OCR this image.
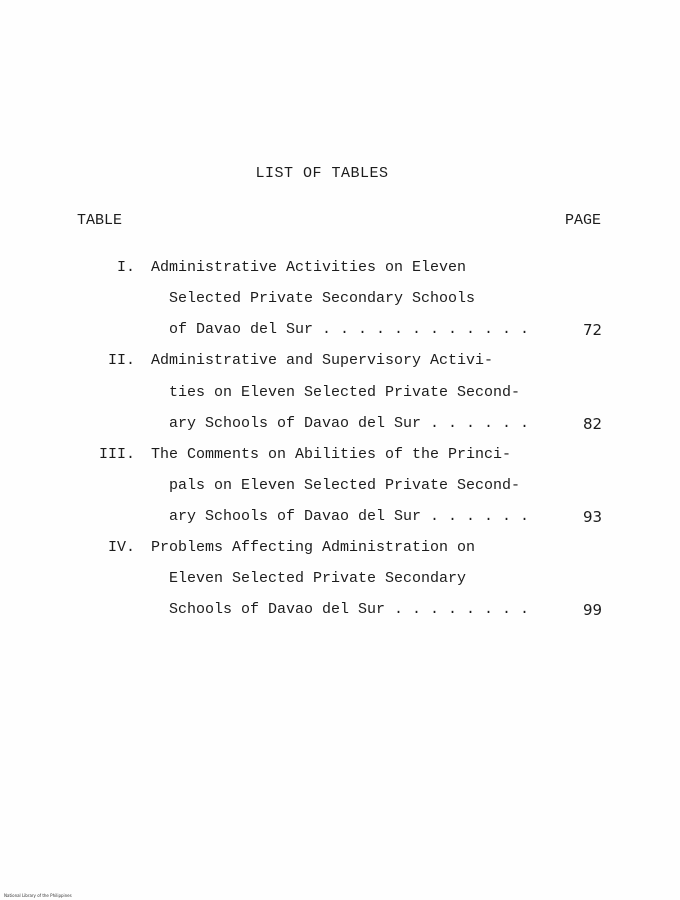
LIST OF TABLES
TABLE	PAGE
I. Administrative Activities on Eleven
Selected Private Secondary Schools
of Davao del Sur . . . . . . . . . . . .	72
II. Administrative and Supervisory Activi-
ties on Eleven Selected Private Second-
ary Schools of Davao del Sur . . . . . .	82
III. The Comments on Abilities of the Princi-
pals on Eleven Selected Private Second-
ary Schools of Davao del Sur . . . . . .	93
IV. Problems Affecting Administration on
Eleven Selected Private Secondary
Schools of Davao del Sur . . . . . . . .	99
National Library of the Philippines
